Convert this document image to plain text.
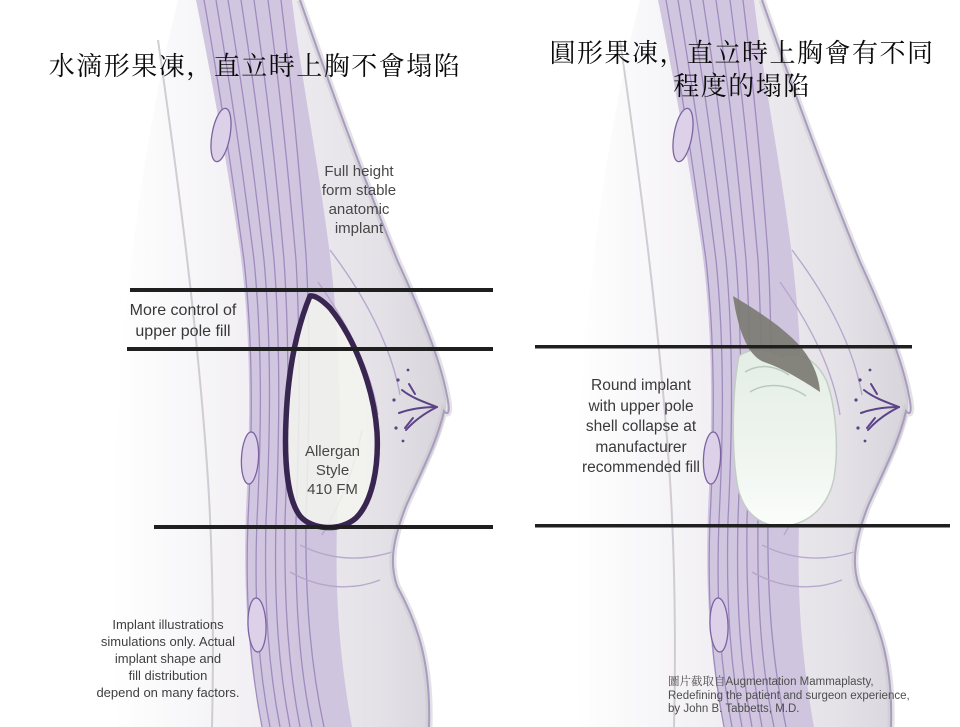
水滴形果凍，直立時上胸不會塌陷	圓形果凍，直立時上胸會有不同
程度的塌陷
Full height
form stable
anatomic
implant
More control of
upper pole fill
Allergan
Style
410 FM
Implant illustrations
simulations only. Actual
implant shape and
fill distribution
depend on many factors.
Round implant
with upper pole
shell collapse at
manufacturer
recommended fill
圖片截取自Augmentation Mammaplasty,
Redefining the patient and surgeon experience,
by John B. Tabbetts, M.D.
